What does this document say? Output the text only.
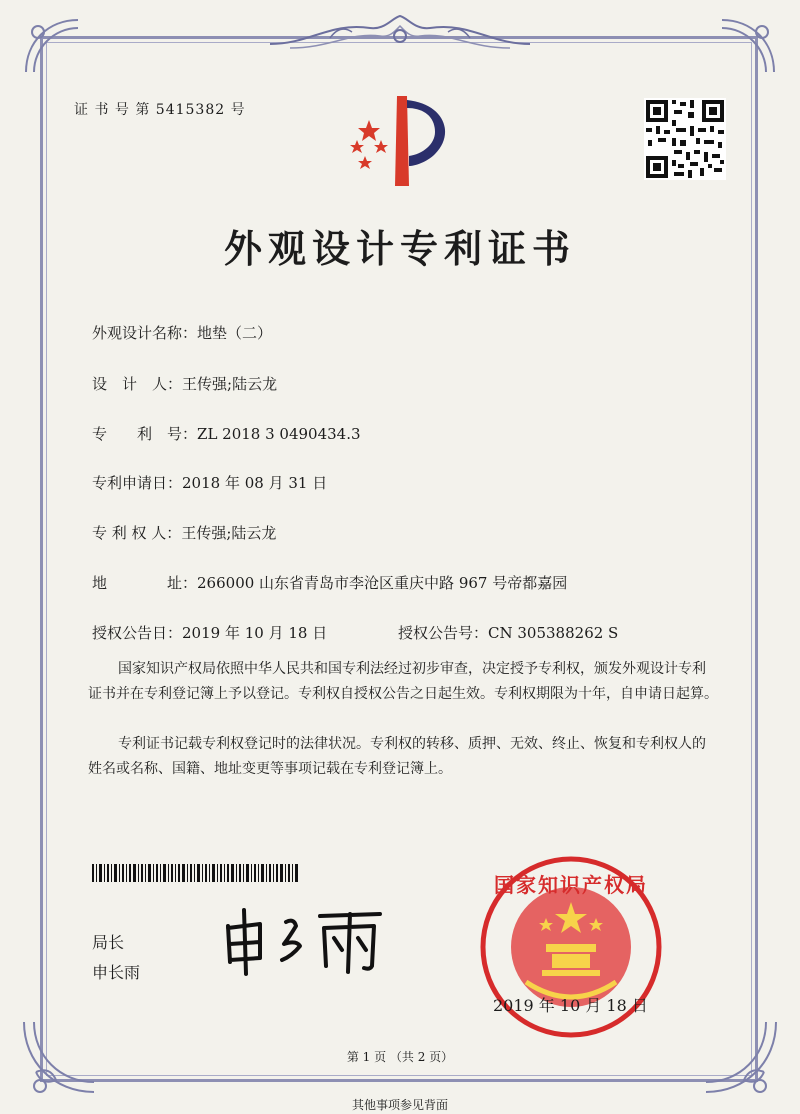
证 书 号 第 5415382 号
外观设计专利证书
外观设计名称：地垫（二）
设　计　人：王传强;陆云龙
专　　利　号：ZL 2018 3 0490434.3
专利申请日：2018 年 08 月 31 日
专 利 权 人：王传强;陆云龙
地　　　　址：266000 山东省青岛市李沧区重庆中路 967 号帝都嘉园
授权公告日：2019 年 10 月 18 日	授权公告号：CN 305388262 S
国家知识产权局依照中华人民共和国专利法经过初步审查，决定授予专利权，颁发外观设计专利证书并在专利登记簿上予以登记。专利权自授权公告之日起生效。专利权期限为十年，自申请日起算。
专利证书记载专利权登记时的法律状况。专利权的转移、质押、无效、终止、恢复和专利权人的姓名或名称、国籍、地址变更等事项记载在专利登记簿上。
局长
申长雨
国家知识产权局
2019 年 10 月 18 日
第 1 页 （共 2 页）
其他事项参见背面
